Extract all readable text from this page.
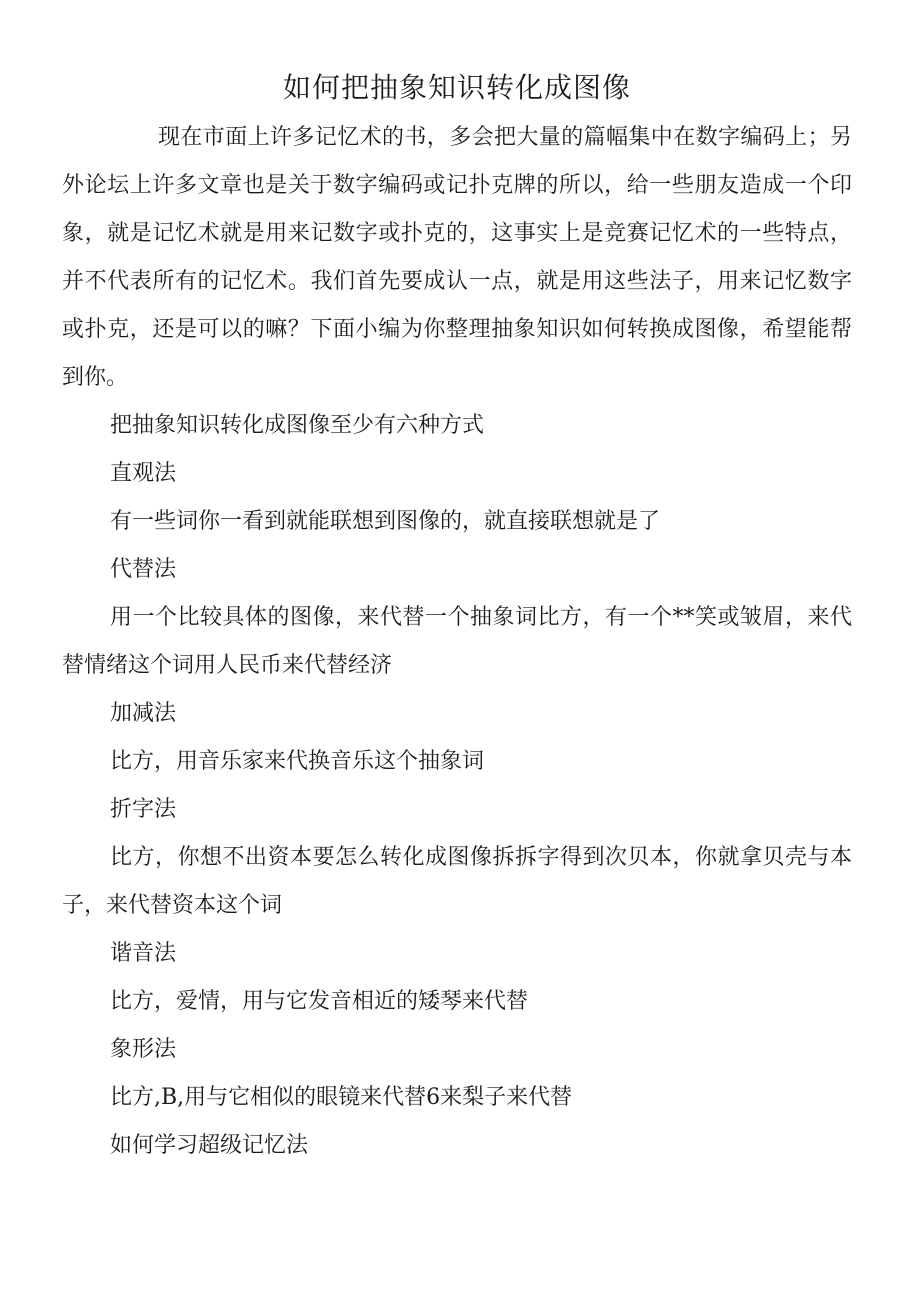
如何把抽象知识转化成图像

现在市面上许多记忆术的书，多会把大量的篇幅集中在数字编码上；另外论坛上许多文章也是关于数字编码或记扑克牌的所以，给一些朋友造成一个印象，就是记忆术就是用来记数字或扑克的，这事实上是竞赛记忆术的一些特点，并不代表所有的记忆术。我们首先要成认一点，就是用这些法子，用来记忆数字或扑克，还是可以的嘛？下面小编为你整理抽象知识如何转换成图像，希望能帮到你。

把抽象知识转化成图像至少有六种方式

直观法

有一些词你一看到就能联想到图像的，就直接联想就是了

代替法

用一个比较具体的图像，来代替一个抽象词比方，有一个**笑或皱眉，来代替情绪这个词用人民币来代替经济

加减法

比方，用音乐家来代换音乐这个抽象词

折字法

比方，你想不出资本要怎么转化成图像拆拆字得到次贝本，你就拿贝壳与本子，来代替资本这个词

谐音法

比方，爱情，用与它发音相近的矮琴来代替

象形法

比方,B,用与它相似的眼镜来代替6来梨子来代替

如何学习超级记忆法
